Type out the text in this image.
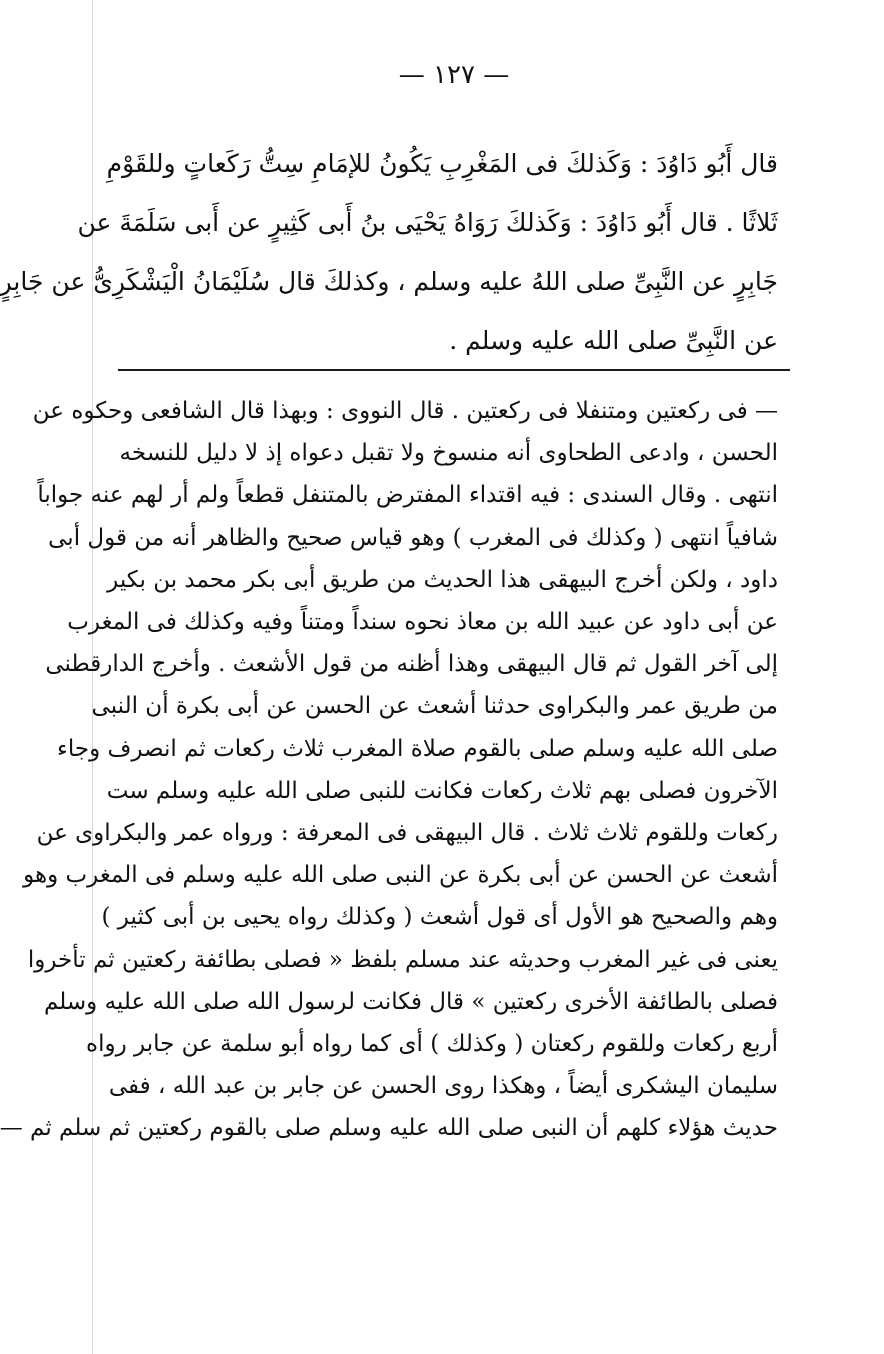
— ١٢٧ —
قال أَبُو دَاوُدَ : وَكَذلكَ فى المَغْرِبِ يَكُونُ للإمَامِ سِتُّ رَكَعاتٍ وللقَوْمِ
ثَلاثًا . قال أَبُو دَاوُدَ : وَكَذلكَ رَوَاهُ يَحْيَى بنُ أَبى كَثِيرٍ عن أَبى سَلَمَةَ عن
جَابِرٍ عن النَّبِىِّ صلى اللهُ عليه وسلم ، وكذلكَ قال سُلَيْمَانُ الْيَشْكَرِىُّ عن جَابِرٍ
عن النَّبِىِّ صلى الله عليه وسلم .
— فى ركعتين ومتنفلا فى ركعتين . قال النووى : وبهذا قال الشافعى وحكوه عن
الحسن ، وادعى الطحاوى أنه منسوخ ولا تقبل دعواه إذ لا دليل للنسخه
انتهى . وقال السندى : فيه اقتداء المفترض بالمتنفل قطعاً ولم أر لهم عنه جواباً
شافياً انتهى ( وكذلك فى المغرب ) وهو قياس صحيح والظاهر أنه من قول أبى
داود ، ولكن أخرج البيهقى هذا الحديث من طريق أبى بكر محمد بن بكير
عن أبى داود عن عبيد الله بن معاذ نحوه سنداً ومتناً وفيه وكذلك فى المغرب
إلى آخر القول ثم قال البيهقى وهذا أظنه من قول الأشعث . وأخرج الدارقطنى
من طريق عمر والبكراوى حدثنا أشعث عن الحسن عن أبى بكرة أن النبى
صلى الله عليه وسلم صلى بالقوم صلاة المغرب ثلاث ركعات ثم انصرف وجاء
الآخرون فصلى بهم ثلاث ركعات فكانت للنبى صلى الله عليه وسلم ست
ركعات وللقوم ثلاث ثلاث . قال البيهقى فى المعرفة : ورواه عمر والبكراوى عن
أشعث عن الحسن عن أبى بكرة عن النبى صلى الله عليه وسلم فى المغرب وهو
وهم والصحيح هو الأول أى قول أشعث ( وكذلك رواه يحيى بن أبى كثير )
يعنى فى غير المغرب وحديثه عند مسلم بلفظ « فصلى بطائفة ركعتين ثم تأخروا
فصلى بالطائفة الأخرى ركعتين » قال فكانت لرسول الله صلى الله عليه وسلم
أربع ركعات وللقوم ركعتان ( وكذلك ) أى كما رواه أبو سلمة عن جابر رواه
سليمان اليشكرى أيضاً ، وهكذا روى الحسن عن جابر بن عبد الله ، ففى
حديث هؤلاء كلهم أن النبى صلى الله عليه وسلم صلى بالقوم ركعتين ثم سلم ثم —
